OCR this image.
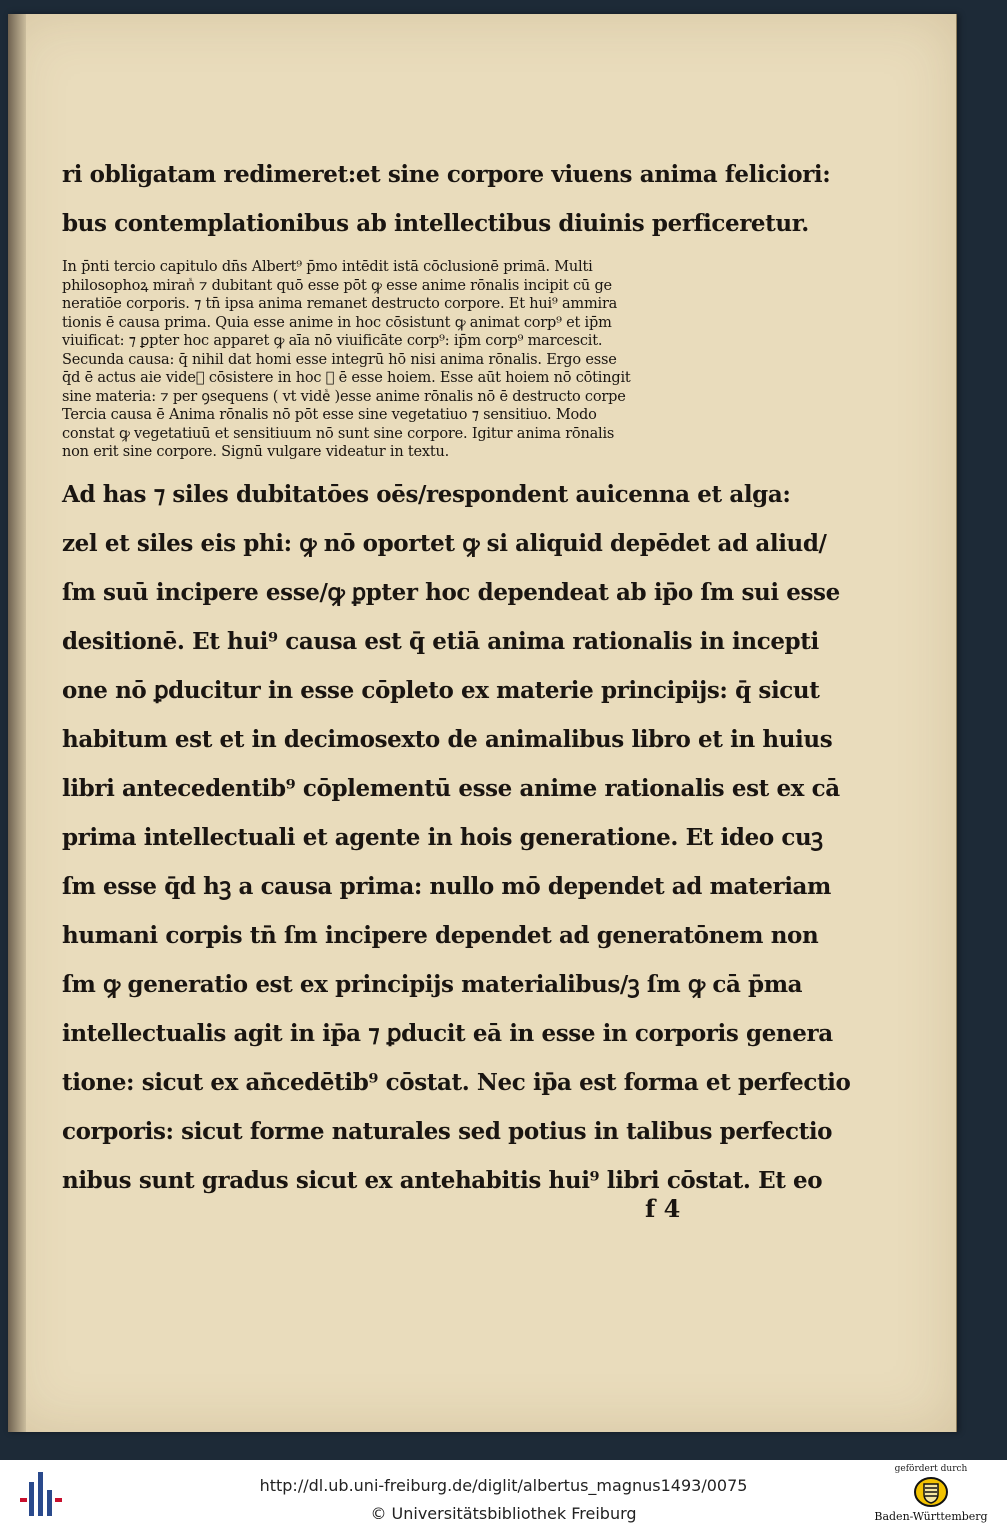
ri obligatam redimeret:et sine corpore viuens anima feliciori:
bus contemplationibus ab intellectibus diuinis perficeretur.
In p̄nti tercio capitulo dn̄s Albert⁹ p̄mo intēdit istā cōclusionē primā. Multi
philosophoꝝ miranᷤ ⁊ dubitant quō esse pōt ꝙ esse anime rōnalis incipit cū ge
neratiōe corporis. ⁊ tn̄ ipsa anima remanet destructo corpore. Et hui⁹ ammira
tionis ē causa prima. Quia esse anime in hoc cōsistunt ꝙ animat corp⁹ et ip̄m
viuificat: ⁊ ꝑpter hoc apparet ꝙ aīa nō viuificāte corp⁹: ip̄m corp⁹ marcescit.
Secunda causa: q̄ nihil dat homi esse integrū hō nisi anima rōnalis. Ergo esse
q̄d ē actus aie videᷤ cōsistere in hoc ꝙ ē esse hoiem. Esse aūt hoiem nō cōtingit
sine materia: ⁊ per ꝯsequens ( vt videᷤ )esse anime rōnalis nō ē destructo corpe
Tercia causa ē Anima rōnalis nō pōt esse sine vegetatiuo ⁊ sensitiuo. Modo
constat ꝙ vegetatiuū et sensitiuum nō sunt sine corpore. Igitur anima rōnalis
non erit sine corpore. Signū vulgare videatur in textu.
Ad has ⁊ siles dubitatōes oēs/respondent auicenna et alga:
zel et siles eis phi: ꝙ nō oportet ꝙ si aliquid depēdet ad aliud/
ſm suū incipere esse/ꝙ ꝑpter hoc dependeat ab ip̄o ſm sui esse
desitionē. Et hui⁹ causa est q̄ etiā anima rationalis in incepti
one nō ꝑducitur in esse cōpleto ex materie principijs: q̄ sicut
habitum est et in decimosexto de animalibus libro et in huius
libri antecedentib⁹ cōplementū esse anime rationalis est ex cā
prima intellectuali et agente in hois generatione. Et ideo cuꝫ
ſm esse q̄d hꝫ a causa prima: nullo mō dependet ad materiam
humani corpis tn̄ ſm incipere dependet ad generatōnem non
ſm ꝙ generatio est ex principijs materialibus/ꝫ ſm ꝙ cā p̄ma
intellectualis agit in ip̄a ⁊ ꝑducit eā in esse in corporis genera
tione: sicut ex an̄cedētib⁹ cōstat. Nec ip̄a est forma et perfectio
corporis: sicut forme naturales sed potius in talibus perfectio
nibus sunt gradus sicut ex antehabitis hui⁹ libri cōstat. Et eo
f 4
http://dl.ub.uni-freiburg.de/diglit/albertus_magnus1493/0075
© Universitätsbibliothek Freiburg
gefördert durch
Baden-Württemberg
